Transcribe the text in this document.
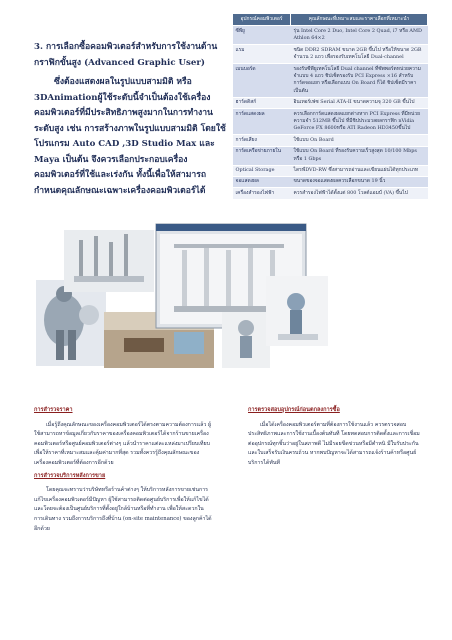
3. การเลือกซื้อคอมพิวเตอร์สำหรับการใช้งานด้านกราฟิกขั้นสูง (Advanced Graphic User)
ซึ่งต้องแสดงผลในรูปแบบสามมิติ หรือ 3DAnimationผู้ใช้ระดับนี้จำเป็นต้องใช้เครื่องคอมพิวเตอร์ที่มีประสิทธิภาพสูงมากในการทำงานระดับสูง เช่น การสร้างภาพในรูปแบบสามมิติ โดยใช้โปรแกรม Auto CAD ,3D Studio Max และ Maya เป็นต้น จึงควรเลือกประกอบเครื่องคอมพิวเตอร์ที่ใช้และเร่งกัน ทั้งนี้เพื่อให้สามารถกำหนดคุณลักษณะเฉพาะเครื่องคอมพิวเตอร์ได้
อุปกรณ์คอมพิวเตอร์	คุณลักษณะที่เหมาะสมและราคาเลือกที่เหมาะนำ
ซีพียู	รุ่น Intel Core 2 Duo, Intel Core 2 Quad, i7 หรือ AMD Athlon 64×2
แรม	ชนิด DDR2 SDRAM ขนาด 2GB ขึ้นไป หรือให้ขนาด 2GB จำนวน 2 แถว เพื่อรองรับเทคโนโลยี Dual-channel
เมนบอร์ด	รองรับซีพียูเทคโนโลยี Dual channel ที่ซัพพอร์ตหน่วยความจำแบบ 4 แถว ชิปเซ็ตรองรับ PCI Express ×16 สำหรับการ์ดจอแยก หรือเลือกแบบ On Board ก็ได้ ชิปเซ็ตมีราคาเป็นต้น
ฮาร์ดดิสก์	อินเทอร์เฟซ Serial ATA-II ขนาดความจุ 320 GB ขึ้นไป
การ์ดแสดงผล	ควรเลือกการ์ดแสดงผลแยกต่างหาก PCI Express ที่มีหน่วยความจำ 512MB ขึ้นไป ที่มีชิปประมวลผลกราฟิก nVidia GeForce FX 8600หรือ ATI Radeon HD3450ขึ้นไป
การ์ดเสียง	ใช้แบบ On Board
การ์ดเครือข่ายภายใน	ใช้แบบ On Board ที่รองรับความเร็วสูงสุด 10/100 Mbps หรือ 1 Gbps
Optical Storage	ไดรฟ์DVD-RW ซึ่งสามารถอ่านและเขียนแผ่นได้ทุกประเภท
จอแสดงผล	ขนาดของจอแสดงผลควรเลือกขนาด 19 นิ้ว
เครื่องสำรองไฟฟ้า	ควรสำรองไฟฟ้าได้ตั้งแต่ 800 โวลต์แอมป์ (VA) ขึ้นไป
การสำรวจราคา

เมื่อรู้ถึงคุณลักษณะของเครื่องคอมพิวเตอร์ได้ตรงตามความต้องการแล้ว ผู้ใช้สามารถหาข้อมูลเกี่ยวกับราคาของเครื่องคอมพิวเตอร์ได้จากร้านขายเครื่องคอมพิวเตอร์หรือศูนย์คอมพิวเตอร์ต่างๆ แล้วนำราคาแต่ละแหล่งมาเปรียบเทียบ เพื่อให้ราคาที่เหมาะสมและคุ้มค่ามากที่สุด รวมทั้งควรรู้ถึงคุณลักษณะของเครื่องคอมพิวเตอร์ที่ต้องการอีกด้วย

การสำรวจบริการหลังการขาย

โดยคุณจะทราบว่าบริษัทหรือร้านค้าต่างๆ ให้บริการหลังการขายเช่นการแก้ไขเครื่องคอมพิวเตอร์มีปัญหา ผู้ใช้สามารถติดต่อศูนย์บริการเพื่อให้แก้ไขได้ และโดยจะต้องเป็นศูนย์บริการที่ตั้งอยู่ใกล้บ้านหรือที่ทำงาน เพื่อให้สะดวกในการเดินทาง รวมถึงการบริการถึงที่บ้าน (on-site maintenance) ของลูกค้าได้อีกด้วย

การตรวจสอบอุปกรณ์ก่อนตกลงการซื้อ

เมื่อได้เครื่องคอมพิวเตอร์ตามที่ต้องการใช้งานแล้ว ควรตรวจสอบประสิทธิภาพและการใช้งานเบื้องต้นทันที โดยทดสอบการติดตั้งและการเชื่อมต่ออุปกรณ์ทุกชิ้นว่าอยู่ในสภาพดี ไม่มีรอยขีดข่วนหรือมีตำหนิ มีใบรับประกันและใบเสร็จรับเงินครบถ้วน หากพบปัญหาจะได้สามารถแจ้งร้านค้าหรือศูนย์บริการได้ทันที
